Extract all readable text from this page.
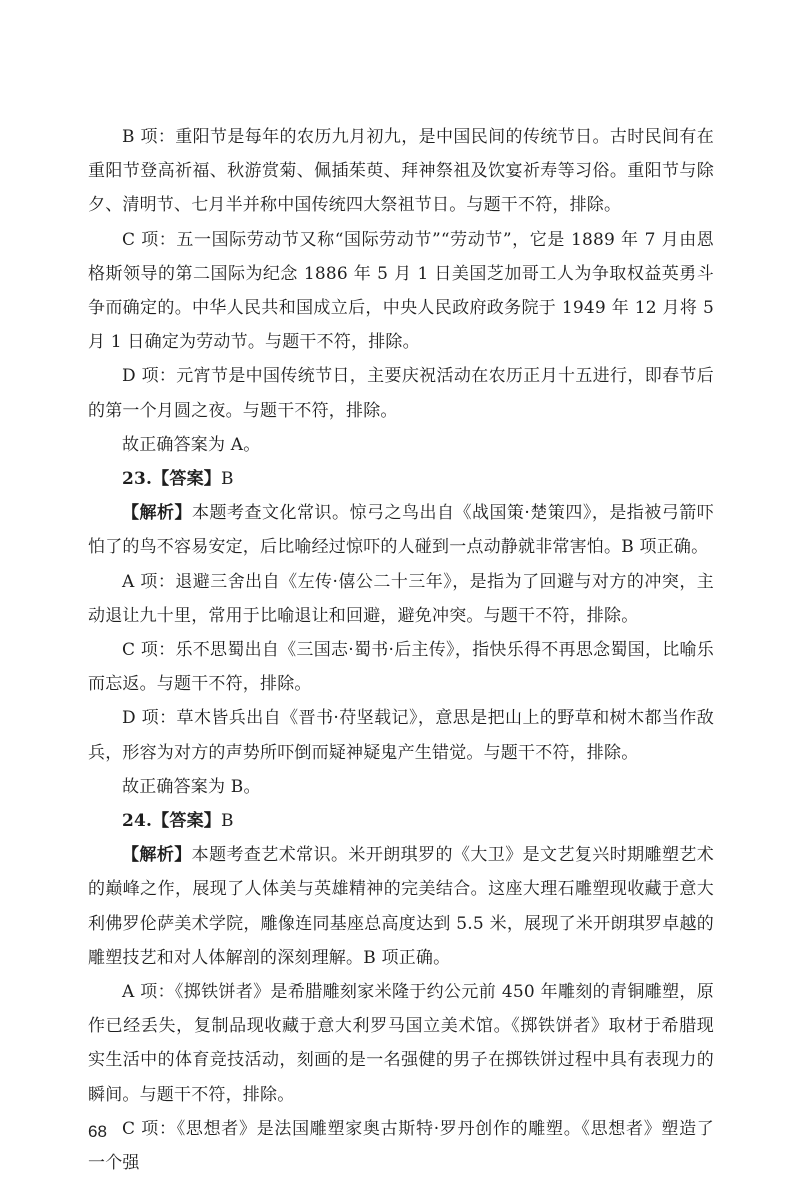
B 项：重阳节是每年的农历九月初九，是中国民间的传统节日。古时民间有在重阳节登高祈福、秋游赏菊、佩插茱萸、拜神祭祖及饮宴祈寿等习俗。重阳节与除夕、清明节、七月半并称中国传统四大祭祖节日。与题干不符，排除。

C 项：五一国际劳动节又称“国际劳动节”“劳动节”，它是 1889 年 7 月由恩格斯领导的第二国际为纪念 1886 年 5 月 1 日美国芝加哥工人为争取权益英勇斗争而确定的。中华人民共和国成立后，中央人民政府政务院于 1949 年 12 月将 5 月 1 日确定为劳动节。与题干不符，排除。

D 项：元宵节是中国传统节日，主要庆祝活动在农历正月十五进行，即春节后的第一个月圆之夜。与题干不符，排除。

故正确答案为 A。

23.【答案】B

【解析】本题考查文化常识。惊弓之鸟出自《战国策·楚策四》，是指被弓箭吓怕了的鸟不容易安定，后比喻经过惊吓的人碰到一点动静就非常害怕。B 项正确。

A 项：退避三舍出自《左传·僖公二十三年》，是指为了回避与对方的冲突，主动退让九十里，常用于比喻退让和回避，避免冲突。与题干不符，排除。

C 项：乐不思蜀出自《三国志·蜀书·后主传》，指快乐得不再思念蜀国，比喻乐而忘返。与题干不符，排除。

D 项：草木皆兵出自《晋书·苻坚载记》，意思是把山上的野草和树木都当作敌兵，形容为对方的声势所吓倒而疑神疑鬼产生错觉。与题干不符，排除。

故正确答案为 B。

24.【答案】B

【解析】本题考查艺术常识。米开朗琪罗的《大卫》是文艺复兴时期雕塑艺术的巅峰之作，展现了人体美与英雄精神的完美结合。这座大理石雕塑现收藏于意大利佛罗伦萨美术学院，雕像连同基座总高度达到 5.5 米，展现了米开朗琪罗卓越的雕塑技艺和对人体解剖的深刻理解。B 项正确。

A 项：《掷铁饼者》是希腊雕刻家米隆于约公元前 450 年雕刻的青铜雕塑，原作已经丢失，复制品现收藏于意大利罗马国立美术馆。《掷铁饼者》取材于希腊现实生活中的体育竞技活动，刻画的是一名强健的男子在掷铁饼过程中具有表现力的瞬间。与题干不符，排除。

C 项：《思想者》是法国雕塑家奥古斯特·罗丹创作的雕塑。《思想者》塑造了一个强

68
